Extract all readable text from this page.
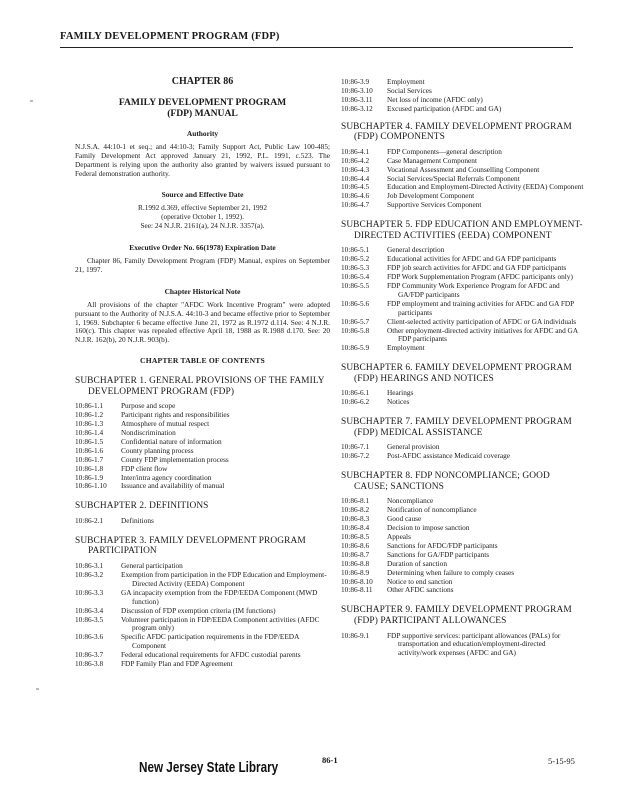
FAMILY DEVELOPMENT PROGRAM (FDP)
CHAPTER 86
FAMILY DEVELOPMENT PROGRAM
(FDP) MANUAL
Authority

N.J.S.A. 44:10-1 et seq.; and 44:10-3; Family Support Act, Public Law 100-485; Family Development Act approved January 21, 1992, P.L. 1991, c.523. The Department is relying upon the authority also granted by waivers issued pursuant to Federal demonstration authority.

Source and Effective Date

R.1992 d.369, effective September 21, 1992

(operative October 1, 1992).

See: 24 N.J.R. 2161(a), 24 N.J.R. 3357(a).

Executive Order No. 66(1978) Expiration Date

Chapter 86, Family Development Program (FDP) Manual, expires on September 21, 1997.

Chapter Historical Note

All provisions of the chapter "AFDC Work Incentive Program" were adopted pursuant to the Authority of N.J.S.A. 44:10-3 and became effective prior to September 1, 1969. Subchapter 6 became effective June 21, 1972 as R.1972 d.114. See: 4 N.J.R. 160(c). This chapter was repealed effective April 18, 1988 as R.1988 d.170. See: 20 N.J.R. 162(b), 20 N.J.R. 903(b).

CHAPTER TABLE OF CONTENTS
SUBCHAPTER 1. GENERAL PROVISIONS OF THE FAMILY DEVELOPMENT PROGRAM (FDP)
10:86-1.1	Purpose and scope
10:86-1.2	Participant rights and responsibilities
10:86-1.3	Atmosphere of mutual respect
10:86-1.4	Nondiscrimination
10:86-1.5	Confidential nature of information
10:86-1.6	County planning process
10:86-1.7	County FDP implementation process
10:86-1.8	FDP client flow
10:86-1.9	Inter/intra agency coordination
10:86-1.10	Issuance and availability of manual
SUBCHAPTER 2. DEFINITIONS
10:86-2.1	Definitions
SUBCHAPTER 3. FAMILY DEVELOPMENT PROGRAM PARTICIPATION
10:86-3.1	General participation
10:86-3.2	Exemption from participation in the FDP Education and Employment-Directed Activity (EEDA) Component
10:86-3.3	GA incapacity exemption from the FDP/EEDA Component (MWD function)
10:86-3.4	Discussion of FDP exemption criteria (IM functions)
10:86-3.5	Volunteer participation in FDP/EEDA Component activities (AFDC program only)
10:86-3.6	Specific AFDC participation requirements in the FDP/EEDA Component
10:86-3.7	Federal educational requirements for AFDC custodial parents
10:86-3.8	FDP Family Plan and FDP Agreement
10:86-3.9	Employment
10:86-3.10	Social Services
10:86-3.11	Net loss of income (AFDC only)
10:86-3.12	Excused participation (AFDC and GA)
SUBCHAPTER 4. FAMILY DEVELOPMENT PROGRAM (FDP) COMPONENTS
10:86-4.1	FDP Components—general description
10:86-4.2	Case Management Component
10:86-4.3	Vocational Assessment and Counselling Component
10:86-4.4	Social Services/Special Referrals Component
10:86-4.5	Education and Employment-Directed Activity (EEDA) Component
10:86-4.6	Job Development Component
10:86-4.7	Supportive Services Component
SUBCHAPTER 5. FDP EDUCATION AND EMPLOYMENT-DIRECTED ACTIVITIES (EEDA) COMPONENT
10:86-5.1	General description
10:86-5.2	Educational activities for AFDC and GA FDP participants
10:86-5.3	FDP job search activities for AFDC and GA FDP participants
10:86-5.4	FDP Work Supplementation Program (AFDC participants only)
10:86-5.5	FDP Community Work Experience Program for AFDC and GA/FDP participants
10:86-5.6	FDP employment and training activities for AFDC and GA FDP participants
10:86-5.7	Client-selected activity participation of AFDC or GA individuals
10:86-5.8	Other employment-directed activity initiatives for AFDC and GA FDP participants
10:86-5.9	Employment
SUBCHAPTER 6. FAMILY DEVELOPMENT PROGRAM (FDP) HEARINGS AND NOTICES
10:86-6.1	Hearings
10:86-6.2	Notices
SUBCHAPTER 7. FAMILY DEVELOPMENT PROGRAM (FDP) MEDICAL ASSISTANCE
10:86-7.1	General provision
10:86-7.2	Post-AFDC assistance Medicaid coverage
SUBCHAPTER 8. FDP NONCOMPLIANCE; GOOD CAUSE; SANCTIONS
10:86-8.1	Noncompliance
10:86-8.2	Notification of noncompliance
10:86-8.3	Good cause
10:86-8.4	Decision to impose sanction
10:86-8.5	Appeals
10:86-8.6	Sanctions for AFDC/FDP participants
10:86-8.7	Sanctions for GA/FDP participants
10:86-8.8	Duration of sanction
10:86-8.9	Determining when failure to comply ceases
10:86-8.10	Notice to end sanction
10:86-8.11	Other AFDC sanctions
SUBCHAPTER 9. FAMILY DEVELOPMENT PROGRAM (FDP) PARTICIPANT ALLOWANCES
10:86-9.1	FDP supportive services: participant allowances (PALs) for transportation and education/employment-directed activity/work expenses (AFDC and GA)
New Jersey State Library	86-1	5-15-95
